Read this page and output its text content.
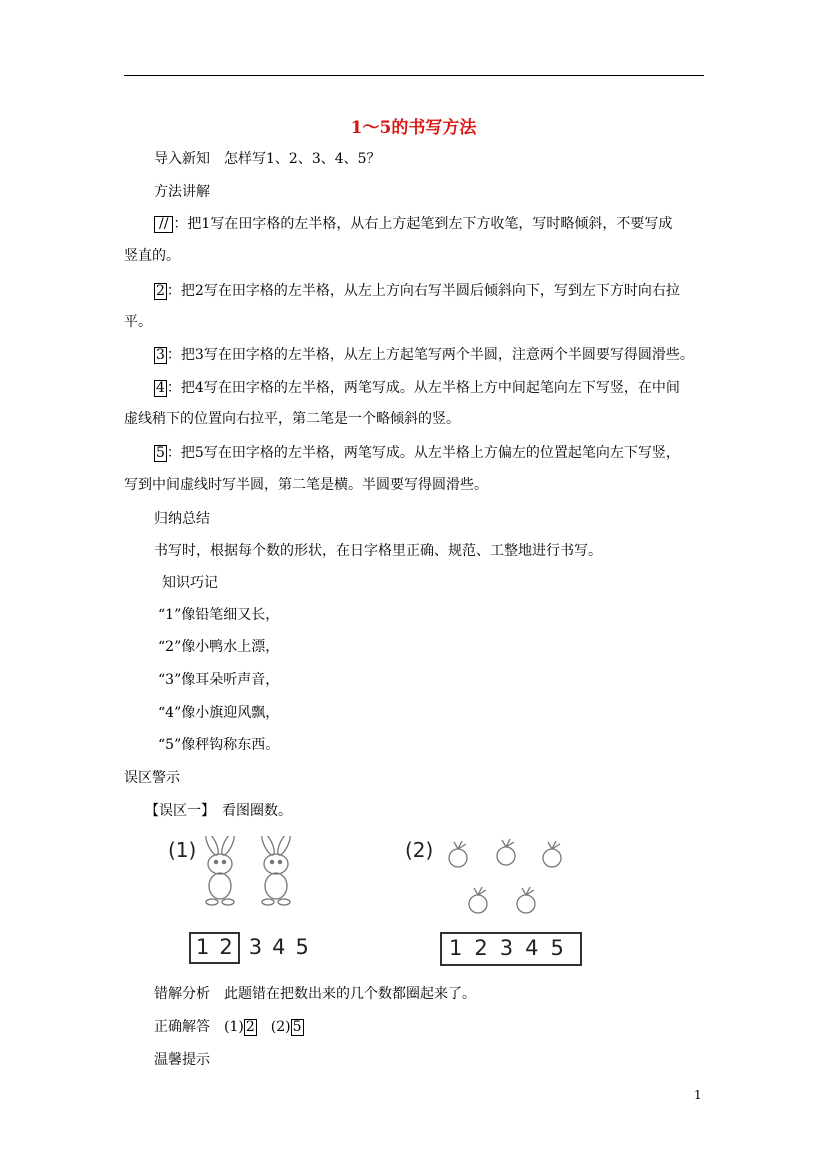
1～5的书写方法
导入新知　怎样写1、2、3、4、5？
方法讲解
// ：把1写在田字格的左半格，从右上方起笔到左下方收笔，写时略倾斜，不要写成
竖直的。
2 ：把2写在田字格的左半格，从左上方向右写半圆后倾斜向下，写到左下方时向右拉
平。
3 ：把3写在田字格的左半格，从左上方起笔写两个半圆，注意两个半圆要写得圆滑些。
4 ：把4写在田字格的左半格，两笔写成。从左半格上方中间起笔向左下写竖，在中间
虚线稍下的位置向右拉平，第二笔是一个略倾斜的竖。
5 ：把5写在田字格的左半格，两笔写成。从左半格上方偏左的位置起笔向左下写竖，
写到中间虚线时写半圆，第二笔是横。半圆要写得圆滑些。
归纳总结
书写时，根据每个数的形状，在日字格里正确、规范、工整地进行书写。
知识巧记
“1”像铅笔细又长，
“2”像小鸭水上漂，
“3”像耳朵听声音，
“4”像小旗迎风飘，
“5”像秤钩称东西。
误区警示
【误区一】　看图圈数。
(1)
12 345
(2)
12345
错解分析　此题错在把数出来的几个数都圈起来了。
正确解答　 (1) 2　 (2) 5
温馨提示
1
